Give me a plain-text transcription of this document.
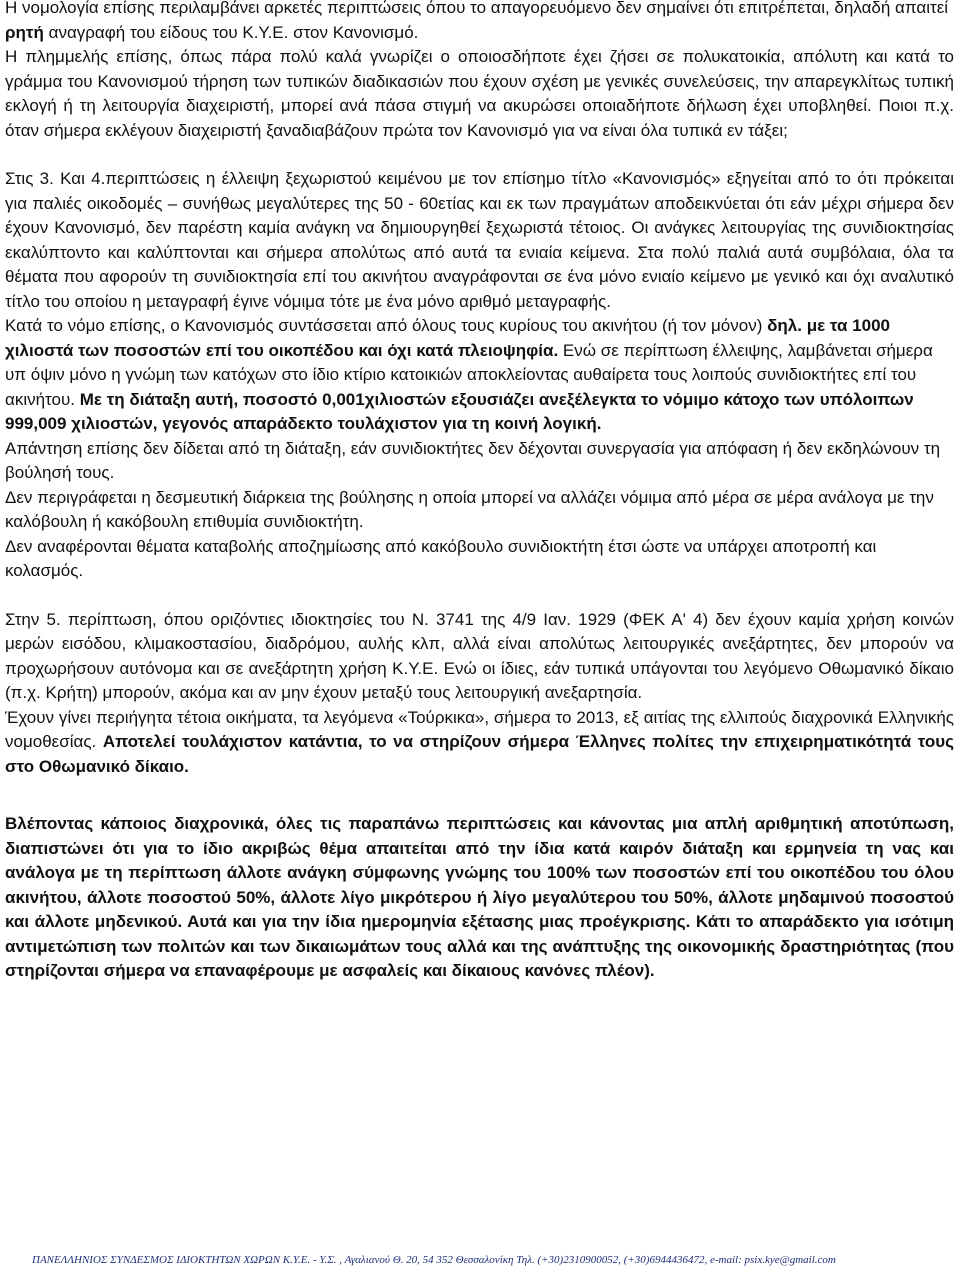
Η νομολογία επίσης περιλαμβάνει αρκετές περιπτώσεις όπου το απαγορευόμενο δεν σημαίνει ότι επιτρέπεται, δηλαδή απαιτεί ρητή αναγραφή του είδους του Κ.Υ.Ε. στον Κανονισμό.

Η πλημμελής επίσης, όπως πάρα πολύ καλά γνωρίζει ο οποιοσδήποτε έχει ζήσει σε πολυκατοικία, απόλυτη και κατά το γράμμα του Κανονισμού τήρηση των τυπικών διαδικασιών που έχουν σχέση με γενικές συνελεύσεις, την απαρεγκλίτως τυπική εκλογή ή τη λειτουργία διαχειριστή, μπορεί ανά πάσα στιγμή να ακυρώσει οποιαδήποτε δήλωση έχει υποβληθεί. Ποιοι π.χ. όταν σήμερα εκλέγουν διαχειριστή ξαναδιαβάζουν πρώτα τον Κανονισμό για να είναι όλα τυπικά εν τάξει;

Στις 3. Και 4.περιπτώσεις η έλλειψη ξεχωριστού κειμένου με τον επίσημο τίτλο «Κανονισμός» εξηγείται από το ότι πρόκειται για παλιές οικοδομές – συνήθως μεγαλύτερες της 50 - 60ετίας και εκ των πραγμάτων αποδεικνύεται ότι εάν μέχρι σήμερα δεν έχουν Κανονισμό, δεν παρέστη καμία ανάγκη να δημιουργηθεί ξεχωριστά τέτοιος. Οι ανάγκες λειτουργίας της συνιδιοκτησίας εκαλύπτοντο και καλύπτονται και σήμερα απολύτως από αυτά τα ενιαία κείμενα. Στα πολύ παλιά αυτά συμβόλαια, όλα τα θέματα που αφορούν τη συνιδιοκτησία επί του ακινήτου αναγράφονται σε ένα μόνο ενιαίο κείμενο με γενικό και όχι αναλυτικό τίτλο του οποίου η μεταγραφή έγινε νόμιμα τότε με ένα μόνο αριθμό μεταγραφής.

Κατά το νόμο επίσης, ο Κανονισμός συντάσσεται από όλους τους κυρίους του ακινήτου (ή τον μόνον) δηλ. με τα 1000 χιλιοστά των ποσοστών επί του οικοπέδου και όχι κατά πλειοψηφία. Ενώ σε περίπτωση έλλειψης, λαμβάνεται σήμερα υπ όψιν μόνο η γνώμη των κατόχων στο ίδιο κτίριο κατοικιών αποκλείοντας αυθαίρετα τους λοιπούς συνιδιοκτήτες επί του ακινήτου. Με τη διάταξη αυτή, ποσοστό 0,001χιλιοστών εξουσιάζει ανεξέλεγκτα το νόμιμο κάτοχο των υπόλοιπων 999,009 χιλιοστών, γεγονός απαράδεκτο τουλάχιστον για τη κοινή λογική.

Απάντηση επίσης δεν δίδεται από τη διάταξη, εάν συνιδιοκτήτες δεν δέχονται συνεργασία για απόφαση ή δεν εκδηλώνουν τη βούλησή τους.

Δεν περιγράφεται η δεσμευτική διάρκεια της βούλησης η οποία μπορεί να αλλάζει νόμιμα από μέρα σε μέρα ανάλογα με την καλόβουλη ή κακόβουλη επιθυμία συνιδιοκτήτη.

Δεν αναφέρονται θέματα καταβολής αποζημίωσης από κακόβουλο συνιδιοκτήτη έτσι ώστε να υπάρχει αποτροπή και κολασμός.

Στην 5. περίπτωση, όπου οριζόντιες ιδιοκτησίες του Ν. 3741 της 4/9 Ιαν. 1929 (ΦΕΚ Α' 4) δεν έχουν καμία χρήση κοινών μερών εισόδου, κλιμακοστασίου, διαδρόμου, αυλής κλπ, αλλά είναι απολύτως λειτουργικές ανεξάρτητες, δεν μπορούν να προχωρήσουν αυτόνομα και σε ανεξάρτητη χρήση Κ.Υ.Ε. Ενώ οι ίδιες, εάν τυπικά υπάγονται του λεγόμενο Οθωμανικό δίκαιο (π.χ. Κρήτη) μπορούν, ακόμα και αν μην έχουν μεταξύ τους λειτουργική ανεξαρτησία.

Έχουν γίνει περιήγητα τέτοια οικήματα, τα λεγόμενα «Τούρκικα», σήμερα το 2013, εξ αιτίας της ελλιπούς διαχρονικά Ελληνικής νομοθεσίας. Αποτελεί τουλάχιστον κατάντια, το να στηρίζουν σήμερα Έλληνες πολίτες την επιχειρηματικότητά τους στο Οθωμανικό δίκαιο.

Βλέποντας κάποιος διαχρονικά, όλες τις παραπάνω περιπτώσεις και κάνοντας μια απλή αριθμητική αποτύπωση, διαπιστώνει ότι για το ίδιο ακριβώς θέμα απαιτείται από την ίδια κατά καιρόν διάταξη και ερμηνεία τη νας και ανάλογα με τη περίπτωση άλλοτε ανάγκη σύμφωνης γνώμης του 100% των ποσοστών επί του οικοπέδου του όλου ακινήτου, άλλοτε ποσοστού 50%, άλλοτε λίγο μικρότερου ή λίγο μεγαλύτερου του 50%, άλλοτε μηδαμινού ποσοστού και άλλοτε μηδενικού. Αυτά και για την ίδια ημερομηνία εξέτασης μιας προέγκρισης. Κάτι το απαράδεκτο για ισότιμη αντιμετώπιση των πολιτών και των δικαιωμάτων τους αλλά και της ανάπτυξης της οικονομικής δραστηριότητας (που στηρίζονται σήμερα να επαναφέρουμε με ασφαλείς και δίκαιους κανόνες πλέον).

ΠΑΝΕΛΛΗΝΙΟΣ ΣΥΝΔΕΣΜΟΣ ΙΔΙΟΚΤΗΤΩΝ ΧΩΡΩΝ Κ.Υ.Ε. - Υ.Σ. , Αγαλιανού Θ. 20, 54 352 Θεσσαλονίκη Τηλ. (+30)2310900052, (+30)6944436472, e-mail: psix.kye@gmail.com
